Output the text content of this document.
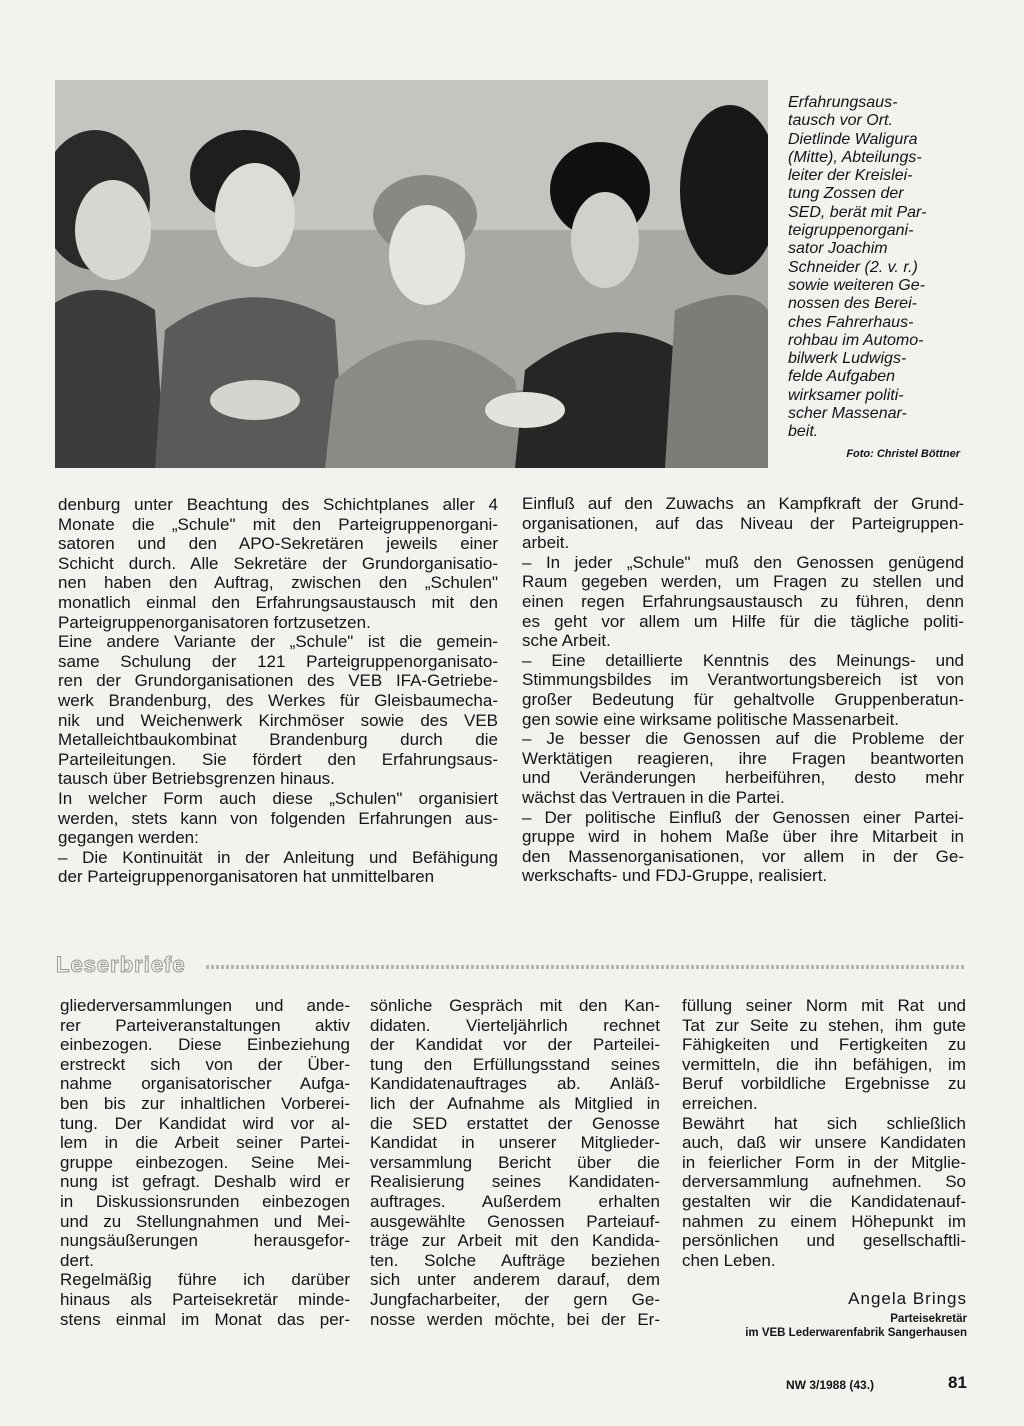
Erfahrungsaus-
tausch vor Ort.
Dietlinde Waligura
(Mitte), Abteilungs-
leiter der Kreislei-
tung Zossen der
SED, berät mit Par-
teigruppenorgani-
sator Joachim
Schneider (2. v. r.)
sowie weiteren Ge-
nossen des Berei-
ches Fahrerhaus-
rohbau im Automo-
bilwerk Ludwigs-
felde Aufgaben
wirksamer politi-
scher Massenar-
beit.
Foto: Christel Böttner
denburg unter Beachtung des Schichtplanes aller 4
Monate die „Schule" mit den Parteigruppenorgani-
satoren und den APO-Sekretären jeweils einer
Schicht durch. Alle Sekretäre der Grundorganisatio-
nen haben den Auftrag, zwischen den „Schulen"
monatlich einmal den Erfahrungsaustausch mit den
Parteigruppenorganisatoren fortzusetzen.
Eine andere Variante der „Schule" ist die gemein-
same Schulung der 121 Parteigruppenorganisato-
ren der Grundorganisationen des VEB IFA-Getriebe-
werk Brandenburg, des Werkes für Gleisbaumecha-
nik und Weichenwerk Kirchmöser sowie des VEB
Metalleichtbaukombinat Brandenburg durch die
Parteileitungen. Sie fördert den Erfahrungsaus-
tausch über Betriebsgrenzen hinaus.
In welcher Form auch diese „Schulen" organisiert
werden, stets kann von folgenden Erfahrungen aus-
gegangen werden:
– Die Kontinuität in der Anleitung und Befähigung
der Parteigruppenorganisatoren hat unmittelbaren
Einfluß auf den Zuwachs an Kampfkraft der Grund-
organisationen, auf das Niveau der Parteigruppen-
arbeit.
– In jeder „Schule" muß den Genossen genügend
Raum gegeben werden, um Fragen zu stellen und
einen regen Erfahrungsaustausch zu führen, denn
es geht vor allem um Hilfe für die tägliche politi-
sche Arbeit.
– Eine detaillierte Kenntnis des Meinungs- und
Stimmungsbildes im Verantwortungsbereich ist von
großer Bedeutung für gehaltvolle Gruppenberatun-
gen sowie eine wirksame politische Massenarbeit.
– Je besser die Genossen auf die Probleme der
Werktätigen reagieren, ihre Fragen beantworten
und Veränderungen herbeiführen, desto mehr
wächst das Vertrauen in die Partei.
– Der politische Einfluß der Genossen einer Partei-
gruppe wird in hohem Maße über ihre Mitarbeit in
den Massenorganisationen, vor allem in der Ge-
werkschafts- und FDJ-Gruppe, realisiert.
Leserbriefe
gliederversammlungen und ande-
rer Parteiveranstaltungen aktiv
einbezogen. Diese Einbeziehung
erstreckt sich von der Über-
nahme organisatorischer Aufga-
ben bis zur inhaltlichen Vorberei-
tung. Der Kandidat wird vor al-
lem in die Arbeit seiner Partei-
gruppe einbezogen. Seine Mei-
nung ist gefragt. Deshalb wird er
in Diskussionsrunden einbezogen
und zu Stellungnahmen und Mei-
nungsäußerungen herausgefor-
dert.
Regelmäßig führe ich darüber
hinaus als Parteisekretär minde-
stens einmal im Monat das per-
sönliche Gespräch mit den Kan-
didaten. Vierteljährlich rechnet
der Kandidat vor der Parteilei-
tung den Erfüllungsstand seines
Kandidatenauftrages ab. Anläß-
lich der Aufnahme als Mitglied in
die SED erstattet der Genosse
Kandidat in unserer Mitglieder-
versammlung Bericht über die
Realisierung seines Kandidaten-
auftrages. Außerdem erhalten
ausgewählte Genossen Parteiauf-
träge zur Arbeit mit den Kandida-
ten. Solche Aufträge beziehen
sich unter anderem darauf, dem
Jungfacharbeiter, der gern Ge-
nosse werden möchte, bei der Er-
füllung seiner Norm mit Rat und
Tat zur Seite zu stehen, ihm gute
Fähigkeiten und Fertigkeiten zu
vermitteln, die ihn befähigen, im
Beruf vorbildliche Ergebnisse zu
erreichen.
Bewährt hat sich schließlich
auch, daß wir unsere Kandidaten
in feierlicher Form in der Mitglie-
derversammlung aufnehmen. So
gestalten wir die Kandidatenauf-
nahmen zu einem Höhepunkt im
persönlichen und gesellschaftli-
chen Leben.
Angela Brings
Parteisekretär
im VEB Lederwarenfabrik Sangerhausen
NW 3/1988 (43.)	81
